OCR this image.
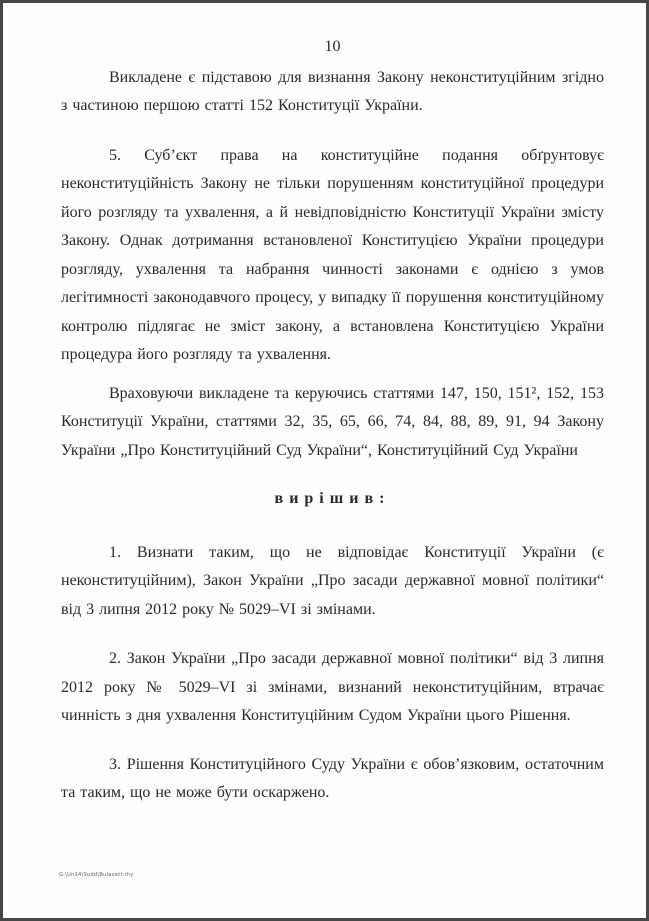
10

Викладене є підставою для визнання Закону неконституційним згідно з частиною першою статті 152 Конституції України.

5. Суб’єкт права на конституційне подання обґрунтовує неконституційність Закону не тільки порушенням конституційної процедури його розгляду та ухвалення, а й невідповідністю Конституції України змісту Закону. Однак дотримання встановленої Конституцією України процедури розгляду, ухвалення та набрання чинності законами є однією з умов легітимності законодавчого процесу, у випадку її порушення конституційному контролю підлягає не зміст закону, а встановлена Конституцією України процедура його розгляду та ухвалення.

Враховуючи викладене та керуючись статтями 147, 150, 151², 152, 153 Конституції України, статтями 32, 35, 65, 66, 74, 84, 88, 89, 91, 94 Закону України „Про Конституційний Суд України“, Конституційний Суд України

вирішив:

1. Визнати таким, що не відповідає Конституції України (є неконституційним), Закон України „Про засади державної мовної політики“ від 3 липня 2012 року № 5029–VI зі змінами.

2. Закон України „Про засади державної мовної політики“ від 3 липня 2012 року № 5029–VI зі змінами, визнаний неконституційним, втрачає чинність з дня ухвалення Конституційним Судом України цього Рішення.

3. Рішення Конституційного Суду України є обов’язковим, остаточним та таким, що не може бути оскаржено.

G:\Un14\Sudd\Bulavett.rhy
